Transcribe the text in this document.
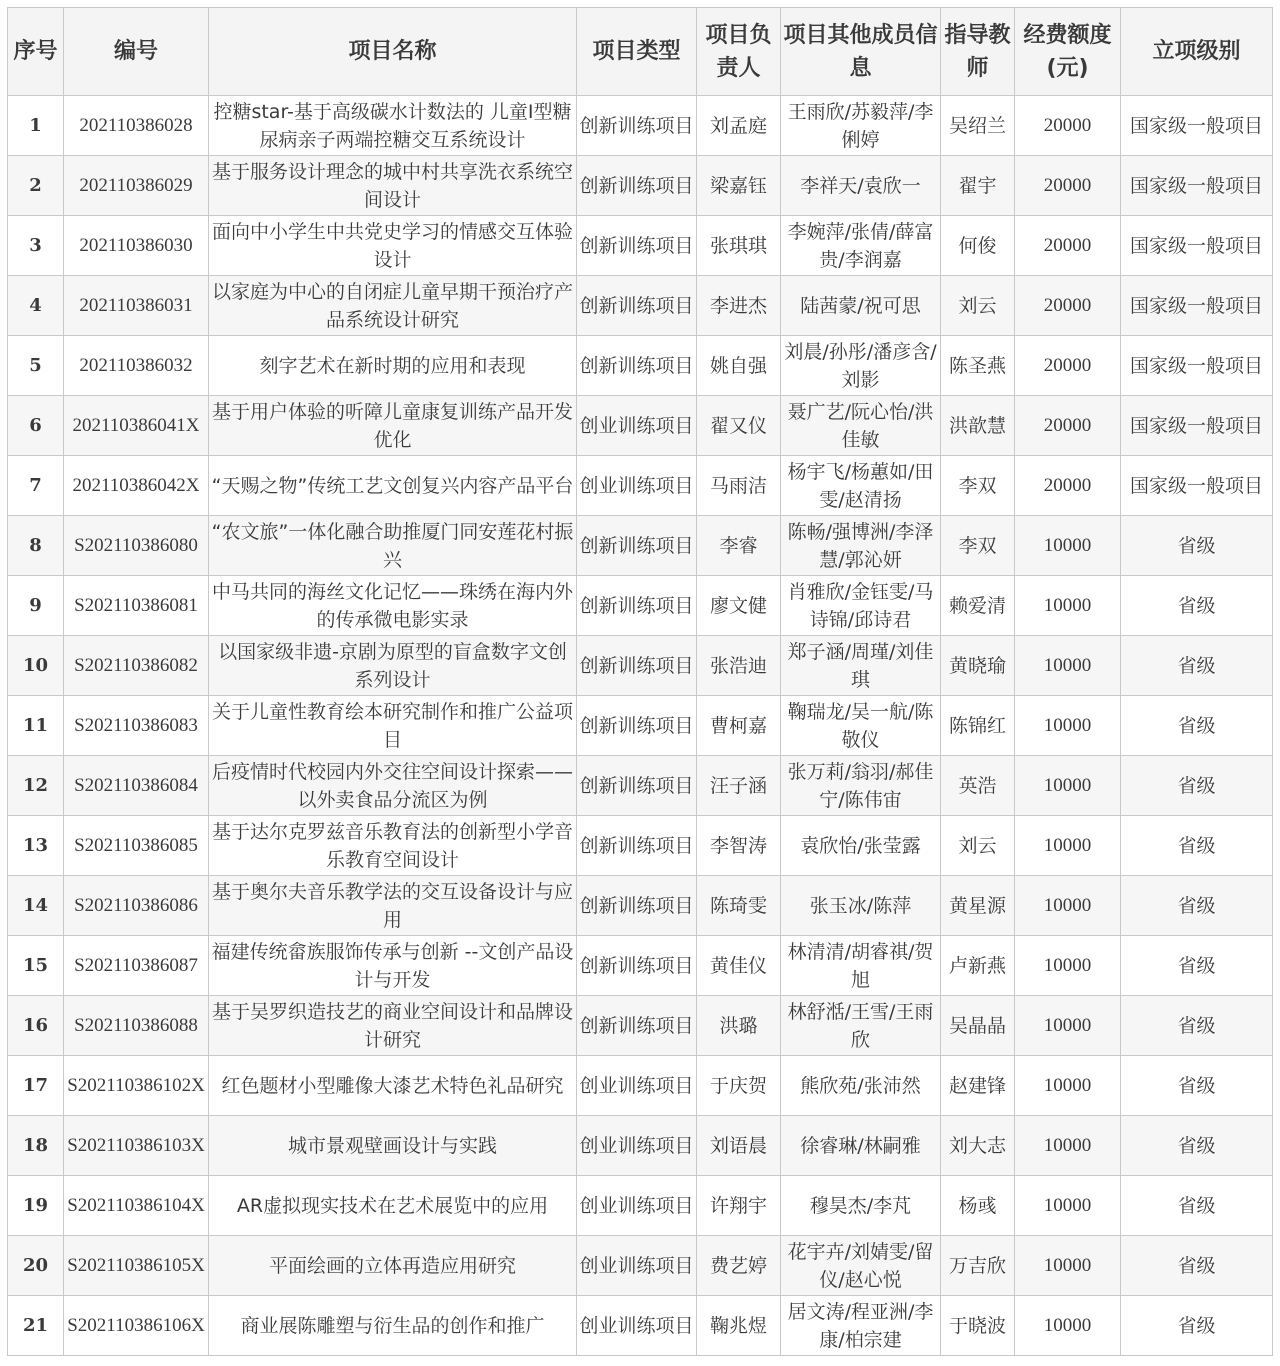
序号	编号	项目名称	项目类型	项目负责人	项目其他成员信息	指导教师	经费额度(元)	立项级别
1	202110386028	控糖star-基于高级碳水计数法的 儿童I型糖尿病亲子两端控糖交互系统设计	创新训练项目	刘孟庭	王雨欣/苏毅萍/李俐婷	吴绍兰	20000	国家级一般项目
2	202110386029	基于服务设计理念的城中村共享洗衣系统空间设计	创新训练项目	梁嘉钰	李祥天/袁欣一	翟宇	20000	国家级一般项目
3	202110386030	面向中小学生中共党史学习的情感交互体验设计	创新训练项目	张琪琪	李婉萍/张倩/薛富贵/李润嘉	何俊	20000	国家级一般项目
4	202110386031	以家庭为中心的自闭症儿童早期干预治疗产品系统设计研究	创新训练项目	李进杰	陆茜蒙/祝可思	刘云	20000	国家级一般项目
5	202110386032	刻字艺术在新时期的应用和表现	创新训练项目	姚自强	刘晨/孙彤/潘彦含/刘影	陈圣燕	20000	国家级一般项目
6	202110386041X	基于用户体验的听障儿童康复训练产品开发优化	创业训练项目	翟又仪	聂广艺/阮心怡/洪佳敏	洪歆慧	20000	国家级一般项目
7	202110386042X	“天赐之物”传统工艺文创复兴内容产品平台	创业训练项目	马雨洁	杨宇飞/杨蕙如/田雯/赵清扬	李双	20000	国家级一般项目
8	S202110386080	“农文旅”一体化融合助推厦门同安莲花村振兴	创新训练项目	李睿	陈畅/强博洲/李泽慧/郭沁妍	李双	10000	省级
9	S202110386081	中马共同的海丝文化记忆——珠绣在海内外的传承微电影实录	创新训练项目	廖文健	肖雅欣/金钰雯/马诗锦/邱诗君	赖爱清	10000	省级
10	S202110386082	以国家级非遗-京剧为原型的盲盒数字文创系列设计	创新训练项目	张浩迪	郑子涵/周瑾/刘佳琪	黄晓瑜	10000	省级
11	S202110386083	关于儿童性教育绘本研究制作和推广公益项目	创新训练项目	曹柯嘉	鞠瑞龙/吴一航/陈敬仪	陈锦红	10000	省级
12	S202110386084	后疫情时代校园内外交往空间设计探索——以外卖食品分流区为例	创新训练项目	汪子涵	张万莉/翁羽/郝佳宁/陈伟宙	英浩	10000	省级
13	S202110386085	基于达尔克罗兹音乐教育法的创新型小学音乐教育空间设计	创新训练项目	李智涛	袁欣怡/张莹露	刘云	10000	省级
14	S202110386086	基于奥尔夫音乐教学法的交互设备设计与应用	创新训练项目	陈琦雯	张玉冰/陈萍	黄星源	10000	省级
15	S202110386087	福建传统畲族服饰传承与创新 --文创产品设计与开发	创新训练项目	黄佳仪	林清清/胡睿祺/贺旭	卢新燕	10000	省级
16	S202110386088	基于吴罗织造技艺的商业空间设计和品牌设计研究	创新训练项目	洪璐	林舒湉/王雪/王雨欣	吴晶晶	10000	省级
17	S202110386102X	红色题材小型雕像大漆艺术特色礼品研究	创业训练项目	于庆贺	熊欣苑/张沛然	赵建锋	10000	省级
18	S202110386103X	城市景观壁画设计与实践	创业训练项目	刘语晨	徐睿琳/林嗣雅	刘大志	10000	省级
19	S202110386104X	AR虚拟现实技术在艺术展览中的应用	创业训练项目	许翔宇	穆昊杰/李芃	杨彧	10000	省级
20	S202110386105X	平面绘画的立体再造应用研究	创业训练项目	费艺婷	花宇卉/刘婧雯/留仪/赵心悦	万吉欣	10000	省级
21	S202110386106X	商业展陈雕塑与衍生品的创作和推广	创业训练项目	鞠兆煜	居文涛/程亚洲/李康/柏宗建	于晓波	10000	省级
